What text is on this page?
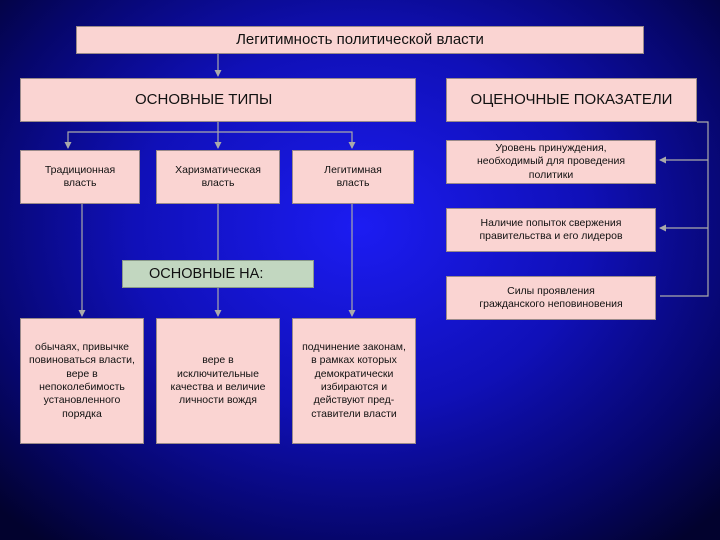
Легитимность политической власти
ОСНОВНЫЕ ТИПЫ	ОЦЕНОЧНЫЕ ПОКАЗАТЕЛИ
Традиционная
власть
Харизматическая
власть
Легитимная
власть
Уровень принуждения,
необходимый для проведения
политики
Наличие попыток свержения
правительства и его лидеров
Силы проявления
гражданского неповиновения
ОСНОВНЫЕ НА:
обычаях, привычке
повиноваться власти,
вере в
непоколебимость
установленного
порядка
вере в
исключительные
качества и величие
личности вождя
подчинение законам,
в рамках которых
демократически
избираются и
действуют пред-
ставители власти
